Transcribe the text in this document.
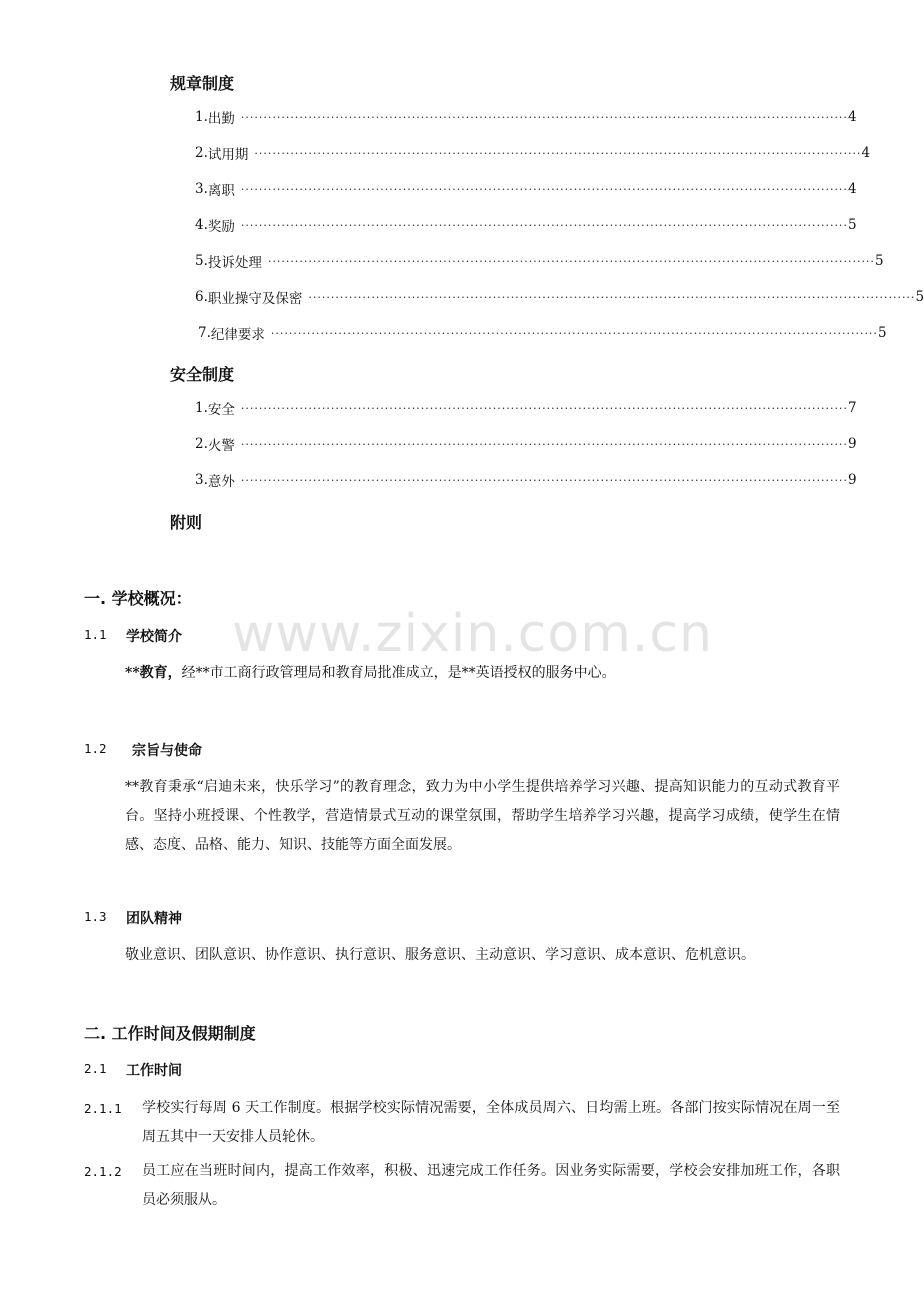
规章制度
1. 出勤 ······································································································································· 4
2. 试用期 ······································································································································· 4
3. 离职 ······································································································································· 4
4. 奖励 ······································································································································· 5
5. 投诉处理 ······································································································································· 5
6. 职业操守及保密 ······································································································································· 5
7. 纪律要求 ······································································································································· 5
安全制度
1. 安全 ······································································································································· 7
2. 火警 ······································································································································· 9
3. 意外 ······································································································································· 9
附则
www.zixin.com.cn
一. 学校概况：
1.1	学校简介
**教育，经**市工商行政管理局和教育局批准成立，是**英语授权的服务中心。
1.2	宗旨与使命
**教育秉承“启迪未来，快乐学习”的教育理念，致力为中小学生提供培养学习兴趣、提高知识能力的互动式教育平台。坚持小班授课、个性教学，营造情景式互动的课堂氛围，帮助学生培养学习兴趣，提高学习成绩，使学生在情感、态度、品格、能力、知识、技能等方面全面发展。
1.3	团队精神
敬业意识、团队意识、协作意识、执行意识、服务意识、主动意识、学习意识、成本意识、危机意识。
二. 工作时间及假期制度
2.1	工作时间
2.1.1	学校实行每周 6 天工作制度。根据学校实际情况需要，全体成员周六、日均需上班。各部门按实际情况在周一至周五其中一天安排人员轮休。
2.1.2	员工应在当班时间内，提高工作效率，积极、迅速完成工作任务。因业务实际需要，学校会安排加班工作，各职员必须服从。
